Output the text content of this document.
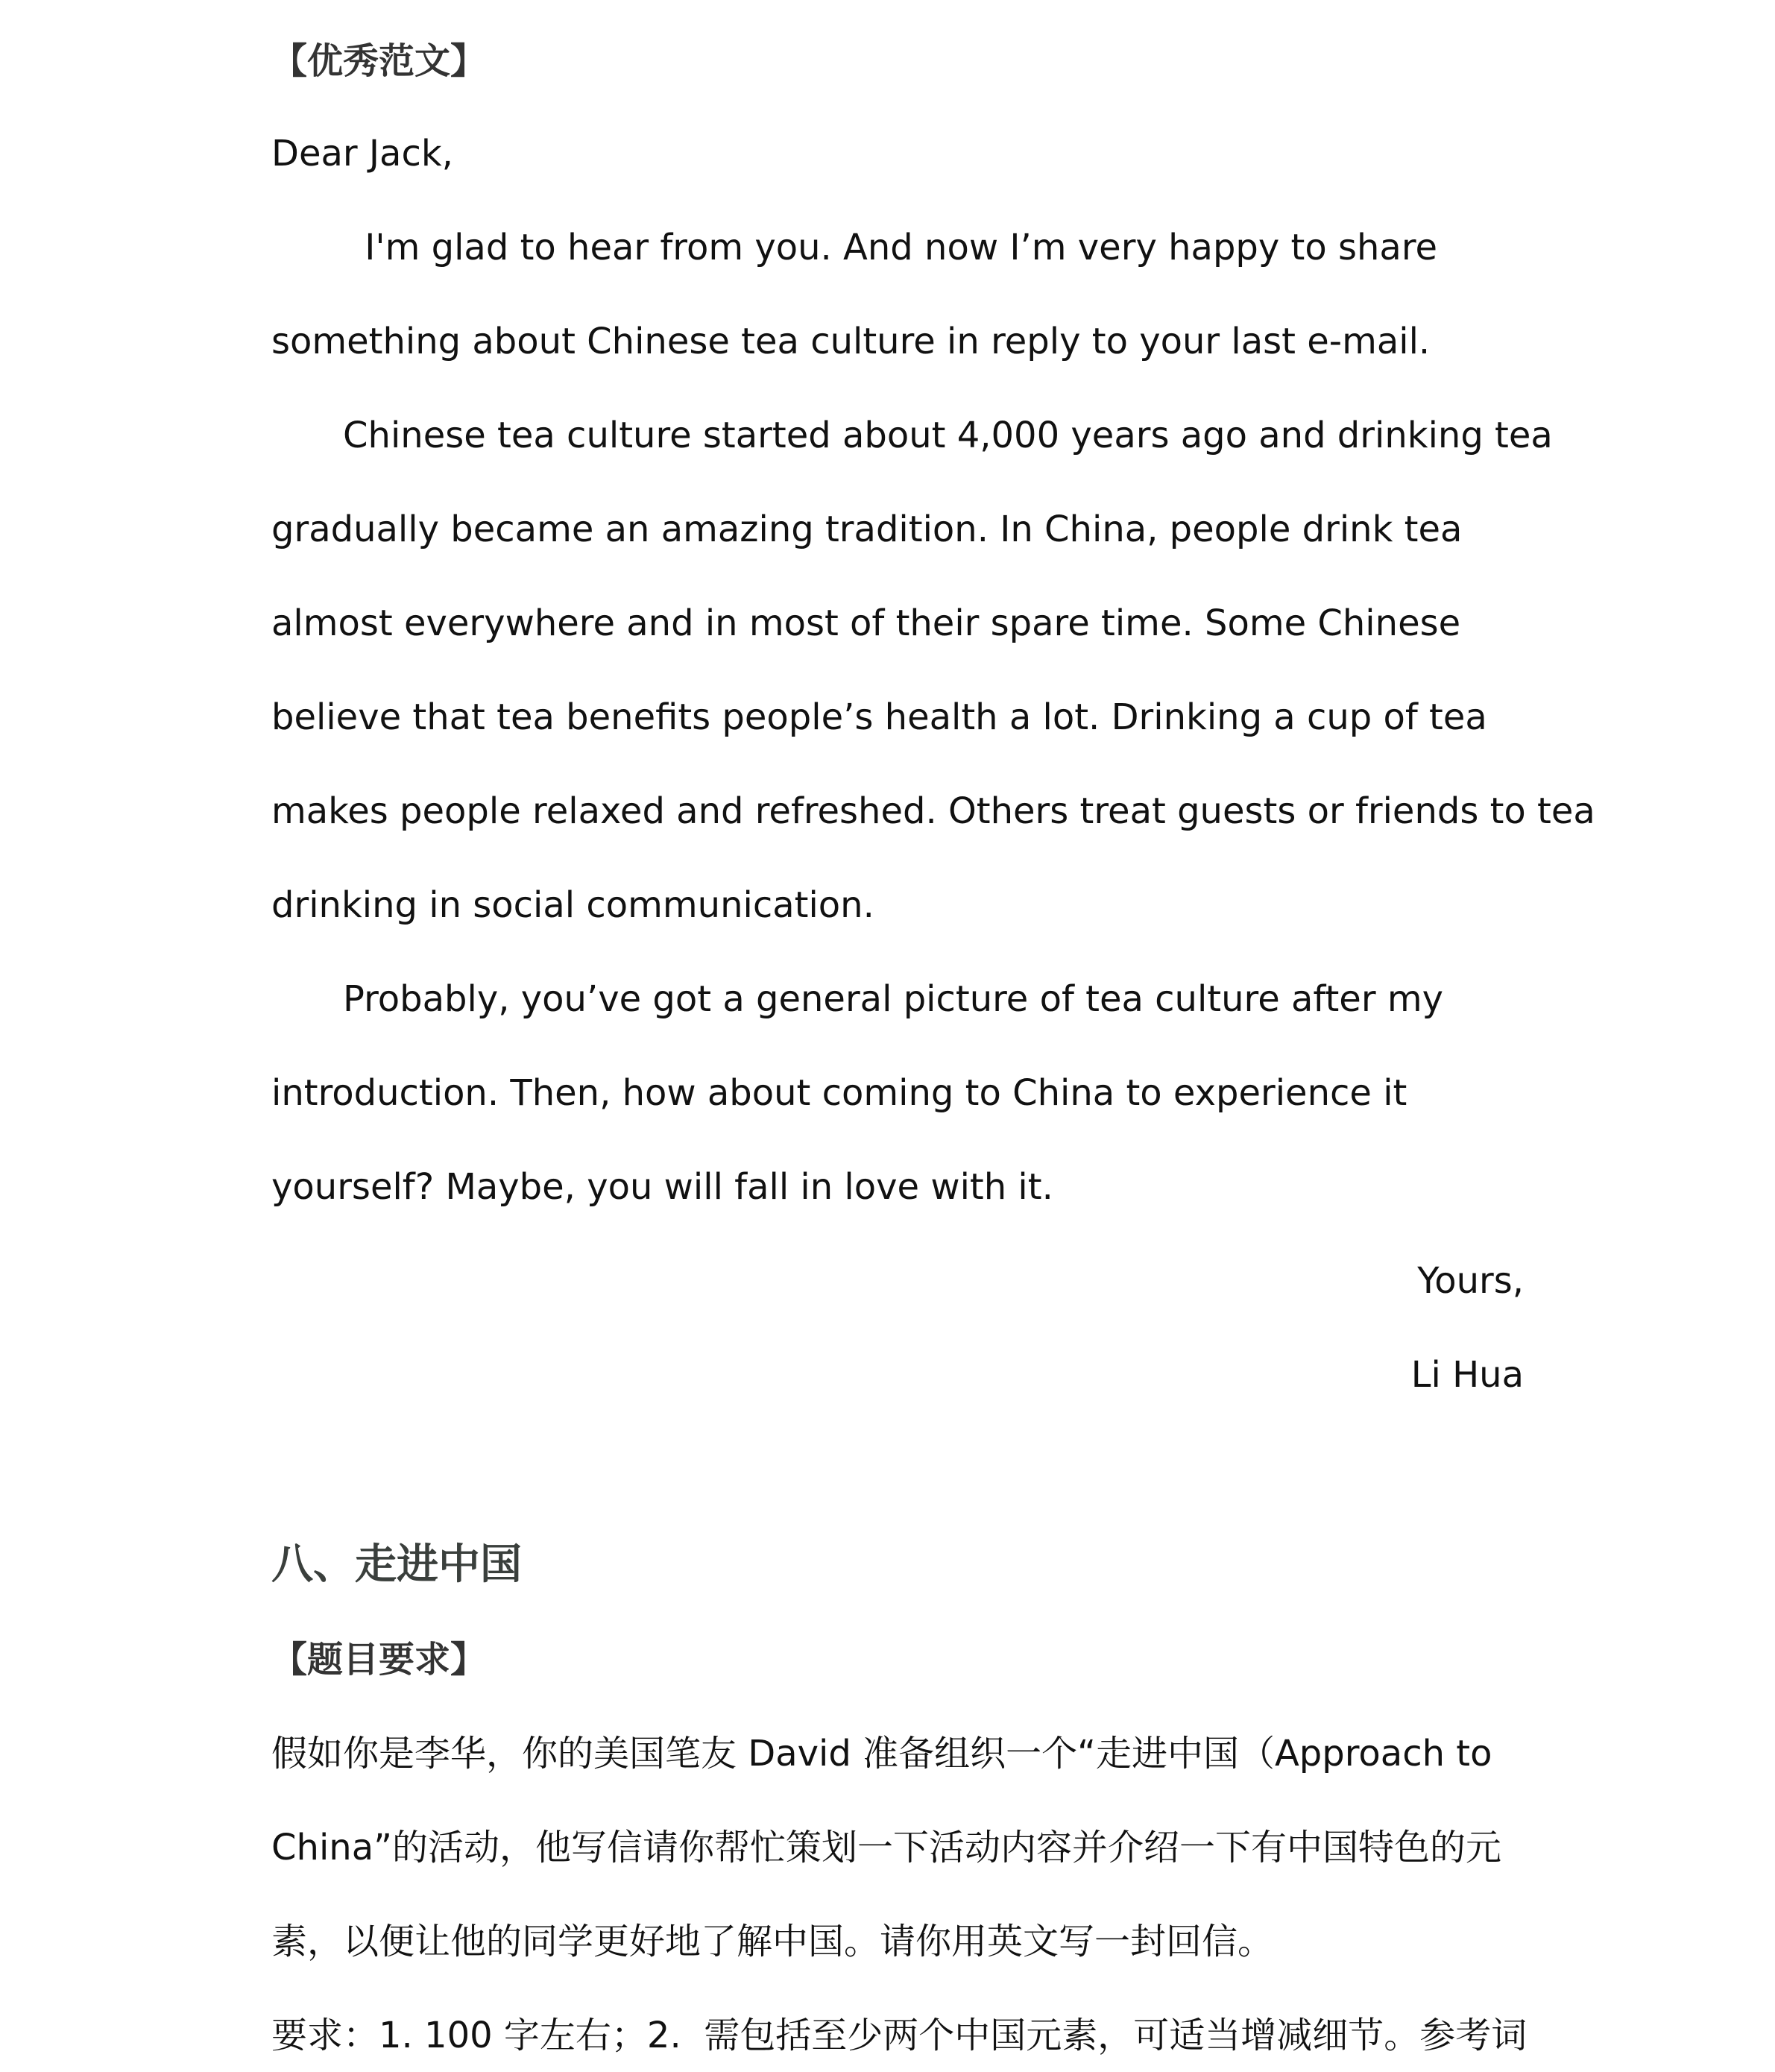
【优秀范文】
Dear Jack,
I'm glad to hear from you. And now I’m very happy to share
something about Chinese tea culture in reply to your last e-mail.
Chinese tea culture started about 4,000 years ago and drinking tea
gradually became an amazing tradition. In China, people drink tea
almost everywhere and in most of their spare time. Some Chinese
believe that tea benefits people’s health a lot. Drinking a cup of tea
makes people relaxed and refreshed. Others treat guests or friends to tea
drinking in social communication.
Probably, you’ve got a general picture of tea culture after my
introduction. Then, how about coming to China to experience it
yourself? Maybe, you will fall in love with it.
Yours,
Li Hua
八、走进中国
【题目要求】
假如你是李华，你的美国笔友 David 准备组织一个“走进中国（Approach to
China”的活动，他写信请你帮忙策划一下活动内容并介绍一下有中国特色的元
素，以便让他的同学更好地了解中国。请你用英文写一封回信。
要求：1. 100 字左右；2.  需包括至少两个中国元素，可适当增减细节。参考词
